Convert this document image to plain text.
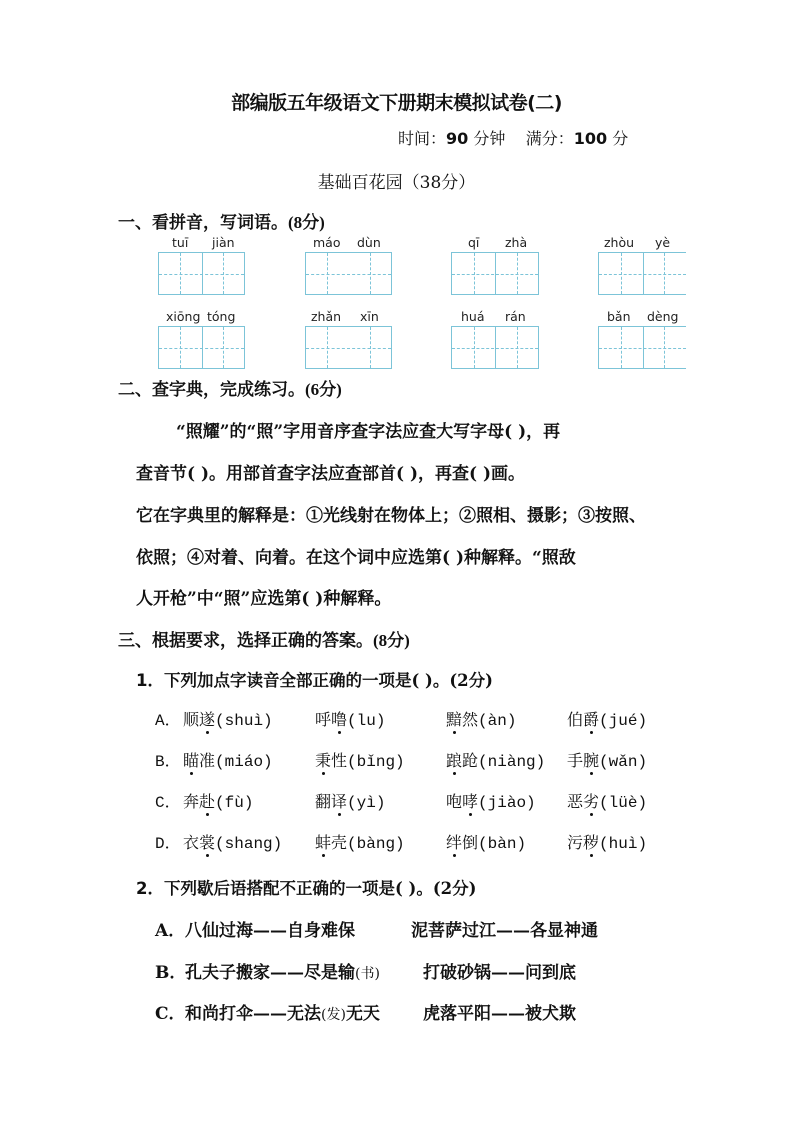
部编版五年级语文下册期末模拟试卷(二)
时间：90 分钟 满分：100 分
基础百花园（38分）
一、看拼音，写词语。(8分)
tuī jiàn	máo dùn	qī zhà	zhòu yè
xiōng tóng	zhǎn xīn	huá rán	bǎn dèng
二、查字典，完成练习。(6分)
“照耀”的“照”字用音序查字法应查大写字母( )，再
查音节( )。用部首查字法应查部首( )，再查( )画。
它在字典里的解释是：①光线射在物体上；②照相、摄影；③按照、
依照；④对着、向着。在这个词中应选第( )种解释。“照敌
人开枪”中“照”应选第( )种解释。
三、根据要求，选择正确的答案。(8分)
1．下列加点字读音全部正确的一项是( )。(2分)
A． 顺遂(shuì)	呼噜(lu)	黯然(àn)	伯爵(jué)
B． 瞄准(miáo)	秉性(bǐng)	踉跄(niàng) 手腕(wǎn)
C． 奔赴(fù)	翻译(yì)	咆哮(jiào) 恶劣(lüè)
D． 衣裳(shang) 蚌壳(bàng)	绊倒(bàn)	污秽(huì)
2．下列歇后语搭配不正确的一项是( )。(2分)
A． 八仙过海——自身难保	泥菩萨过江——各显神通
B．
孔夫子搬家——尽是输(书)	打破砂锅——问到底
C． 和尚打伞——无法(发)无天	虎落平阳——被犬欺
